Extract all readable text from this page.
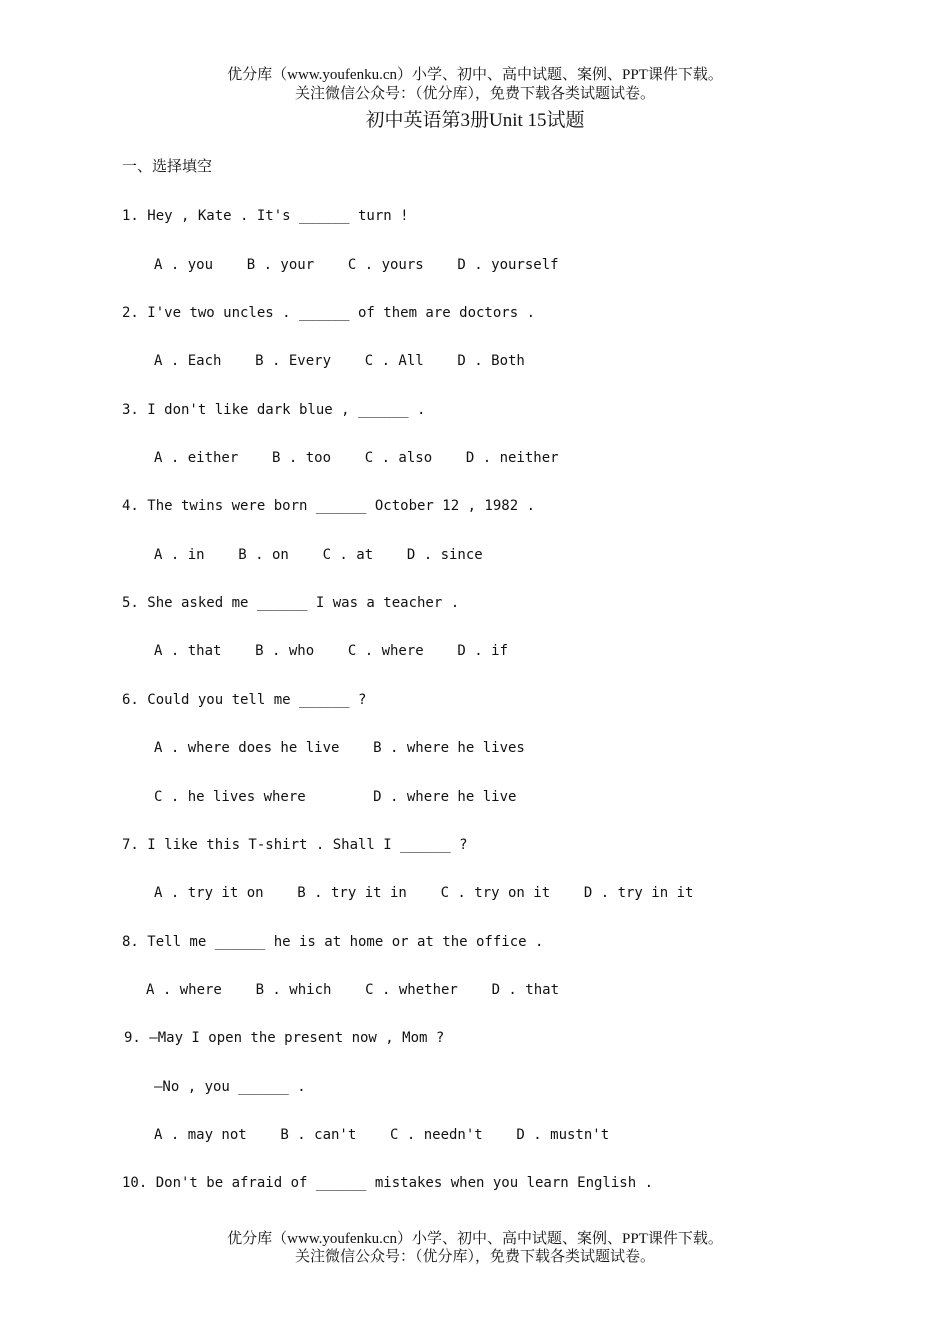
优分库（www.youfenku.cn）小学、初中、高中试题、案例、PPT课件下载。
关注微信公众号：（优分库），免费下载各类试题试卷。
初中英语第3册Unit 15试题
一、选择填空
1. Hey , Kate . It's ______ turn !
A . you    B . your    C . yours    D . yourself
2. I've two uncles . ______ of them are doctors .
A . Each    B . Every    C . All    D . Both
3. I don't like dark blue , ______ .
A . either    B . too    C . also    D . neither
4. The twins were born ______ October 12 , 1982 .
A . in    B . on    C . at    D . since
5. She asked me ______ I was a teacher .
A . that    B . who    C . where    D . if
6. Could you tell me ______ ?
A . where does he live    B . where he lives
C . he lives where        D . where he live
7. I like this T-shirt . Shall I ______ ?
A . try it on    B . try it in    C . try on it    D . try in it
8. Tell me ______ he is at home or at the office .
A . where    B . which    C . whether    D . that
9. —May I open the present now , Mom ?
—No , you ______ .
A . may not    B . can't    C . needn't    D . mustn't
10. Don't be afraid of ______ mistakes when you learn English .
优分库（www.youfenku.cn）小学、初中、高中试题、案例、PPT课件下载。
关注微信公众号：（优分库），免费下载各类试题试卷。
